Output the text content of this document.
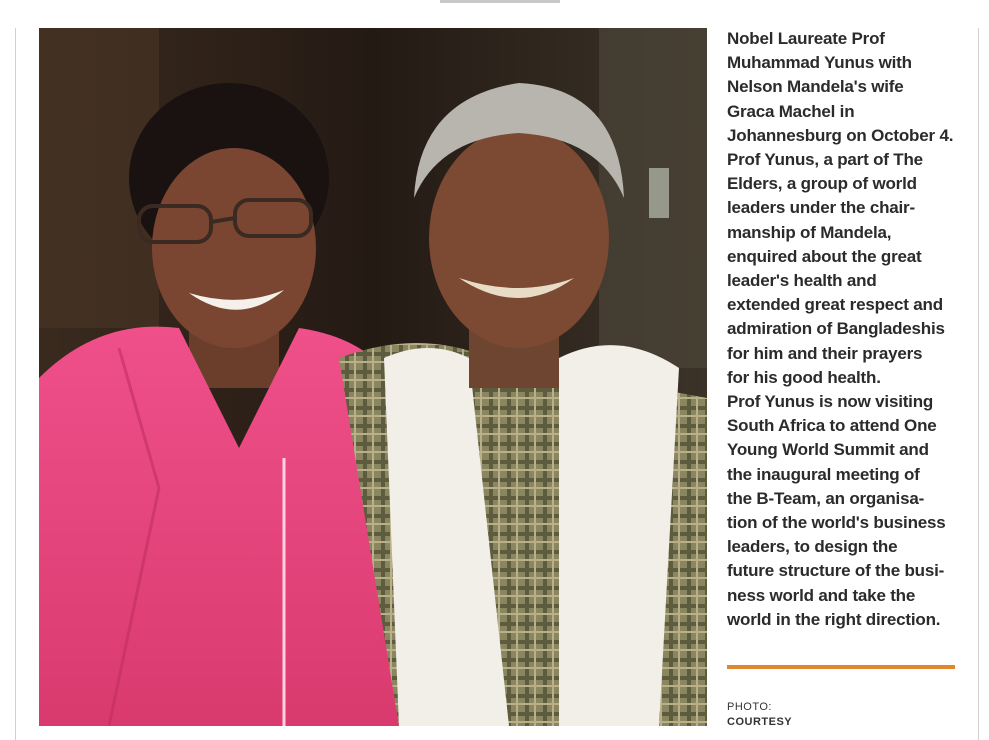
Nobel Laureate Prof
Muhammad Yunus with
Nelson Mandela's wife
Graca Machel in
Johannesburg on October 4.
Prof Yunus, a part of The
Elders, a group of world
leaders under the chair-
manship of Mandela,
enquired about the great
leader's health and
extended great respect and
admiration of Bangladeshis
for him and their prayers
for his good health.

Prof Yunus is now visiting
South Africa to attend One
Young World Summit and
the inaugural meeting of
the B-Team, an organisa-
tion of the world's business
leaders, to design the
future structure of the busi-
ness world and take the
world in the right direction.

PHOTO:
COURTESY
